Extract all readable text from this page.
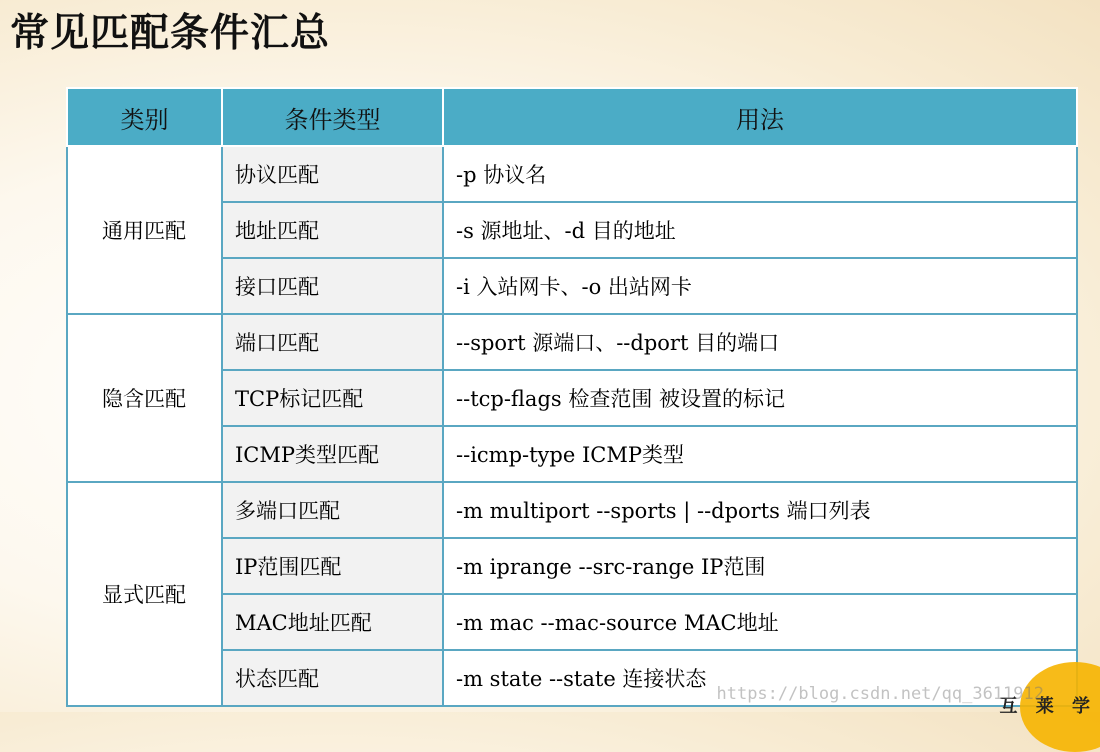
常见匹配条件汇总
类别	条件类型	用法
通用匹配	协议匹配	-p 协议名
	地址匹配	-s 源地址、-d 目的地址
	接口匹配	-i 入站网卡、-o 出站网卡
隐含匹配	端口匹配	--sport 源端口、--dport 目的端口
	TCP标记匹配	--tcp-flags 检查范围 被设置的标记
	ICMP类型匹配	--icmp-type ICMP类型
显式匹配	多端口匹配	-m multiport --sports | --dports 端口列表
	IP范围匹配	-m iprange --src-range IP范围
	MAC地址匹配	-m mac --mac-source MAC地址
	状态匹配	-m state --state 连接状态
互 莱 学
https://blog.csdn.net/qq_3611912
